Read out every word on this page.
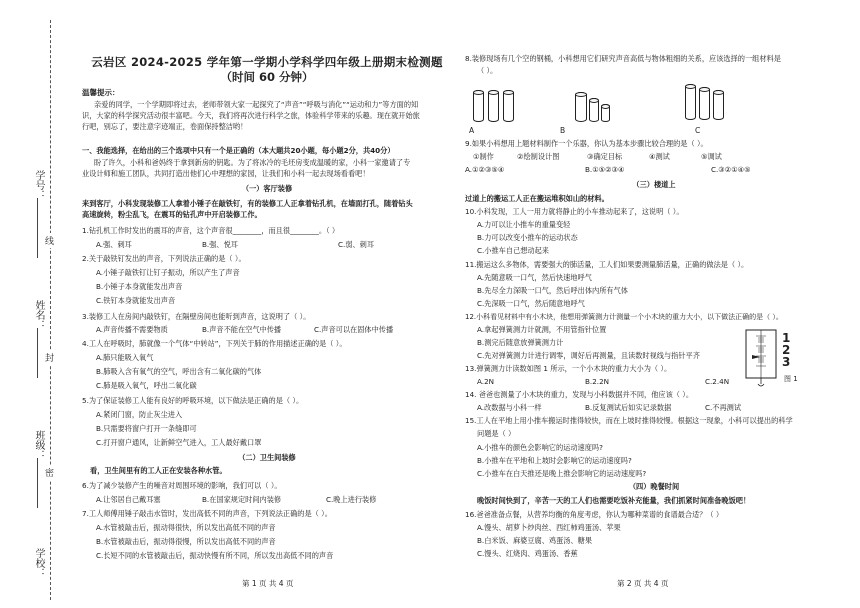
学号：
姓名：
班级：
学校：
线
封
密
云岩区 2024-2025 学年第一学期小学科学四年级上册期末检测题
（时间 60 分钟）
温馨提示：
亲爱的同学，一个学期即将过去，老师带领大家一起探究了“声音”“呼吸与消化”“运动和力”等方面的知
识，大家的科学探究活动很丰富吧。今天，我们将再次进行科学之旅，体验科学带来的乐趣。现在就开始旅
行吧，别忘了，要注意字迹端正，卷面保持整洁哟！
一、我能选择，在给出的三个选项中只有一个是正确的（本大题共20小题，每小题2分，共40分）
盼了许久，小科和爸妈终于拿到新房的钥匙。为了将冰冷的毛坯房变成温暖的家，小科一家邀请了专
业设计师和施工团队，共同打造出他们心中理想的家园，让我们和小科一起去现场看看吧！
（一）客厅装修
来到客厅，小科发现装修工人拿着小锤子在敲铁钉，有的装修工人正拿着钻孔机，在墙面打孔，随着钻头
高速旋转，粉尘乱飞，在震耳的钻孔声中开启装修工作。
1.钻孔机工作时发出的震耳的声音，这个声音很________，而且很________。（ ）
A.强、刺耳	B.强、悦耳	C.弱、刺耳
2.关于敲铁钉发出的声音，下列说法正确的是（ ）。
A.小锤子敲铁钉让钉子振动，所以产生了声音
B.小锤子本身就能发出声音
C.铁钉本身就能发出声音
3.装修工人在房间内敲铁钉，在隔壁房间也能听到声音，这说明了（ ）。
A.声音传播不需要物质	B.声音不能在空气中传播	C.声音可以在固体中传播
4.工人在呼吸时，肺就像一个气体“中转站”，下列关于肺的作用描述正确的是（ ）。
A.肺只能吸入氧气
B.肺吸入含有氧气的空气，呼出含有二氧化碳的气体
C.肺是吸入氧气，呼出二氧化碳
5.为了保证装修工人能有良好的呼吸环境，以下做法是正确的是（ ）。
A.紧闭门窗，防止灰尘进入
B.只需要将窗户打开一条缝即可
C.打开窗户通风，让新鲜空气进入，工人最好戴口罩
（二）卫生间装修
看，卫生间里有的工人正在安装各种水管。
6.为了减少装修产生的噪音对周围环境的影响，我们可以（ ）。
A.让邻居自己戴耳塞	B.在国家规定时间内装修	C.晚上进行装修
7.工人师傅用锤子敲击水管时，发出高低不同的声音，下列说法正确的是（ ）。
A.水管被敲击后，振动得很快，所以发出高低不同的声音
B.水管被敲击后，振动得很慢，所以发出高低不同的声音
C.长短不同的水管被敲击后，振动快慢有所不同，所以发出高低不同的声音
第 1 页 共 4 页
8.装修现场有几个空的钢桶，小科想用它们研究声音高低与物体粗细的关系，应该选择的一组材料是
（ ）。
A	B	C
9.如果小科想用上题材料制作一个乐器，你认为基本步骤比较合理的是（ ）。
①制作	②绘制设计图	③确定目标	④测试	⑤调试
A.①②③⑤④	B.①⑤②③④	C.③②①④⑤
（三）楼道上
过道上的搬运工人正在搬运堆积如山的材料。
10.小科发现，工人一用力就将静止的小车推动起来了，这说明（ ）。
A.力可以让小推车的重量变轻
B.力可以改变小推车的运动状态
C.小推车自己想动起来
11.搬运这么多物体，需要强大的肺活量，工人们如果要测量肺活量，正确的做法是（ ）。
A.先随意吸一口气，然后快速地呼气
B.先尽全力深吸一口气，然后呼出体内所有气体
C.先深吸一口气，然后随意地呼气
12.小科看见材料中有小木块，他想用弹簧测力计测量一个小木块的重力大小，以下做法正确的是（ ）。
A.拿起弹簧测力计就测，不用管指针位置
B.测完后随意放弹簧测力计
C.先对弹簧测力计进行调零，调好后再测量，且读数时视线与指针平齐
13.弹簧测力计读数如图 1 所示，一个小木块的重力大小为（ ）。
A.2N	B.2.2N	C.2.4N
14. 爸爸也测量了小木块的重力，发现与小科数据并不同，他应该（ ）。
A.改数据与小科一样	B.反复测试后如实记录数据	C.不再测试
15.工人在平地上用小推车搬运时推得较快，而在上坡时推得较慢。根据这一现象，小科可以提出的科学
问题是（ ）
A.小推车的颜色会影响它的运动速度吗?
B.小推车在平地和上坡时会影响它的运动速度吗?
C.小推车在白天推还是晚上推会影响它的运动速度吗?
（四）晚餐时间
晚饭时间快到了，辛苦一天的工人们也需要吃饭补充能量，我们抓紧时间准备晚饭吧！
16.爸爸准备点餐，从营养均衡的角度考虑，你认为哪种菜谱的食谱最合适？（ ）
A.馒头、胡萝卜炒肉丝、西红柿鸡蛋汤、苹果
B.白米饭、麻婆豆腐、鸡蛋汤、糖果
C.馒头、红烧肉、鸡蛋汤、香蕉
第 2 页 共 4 页
1
2
3
图 1
